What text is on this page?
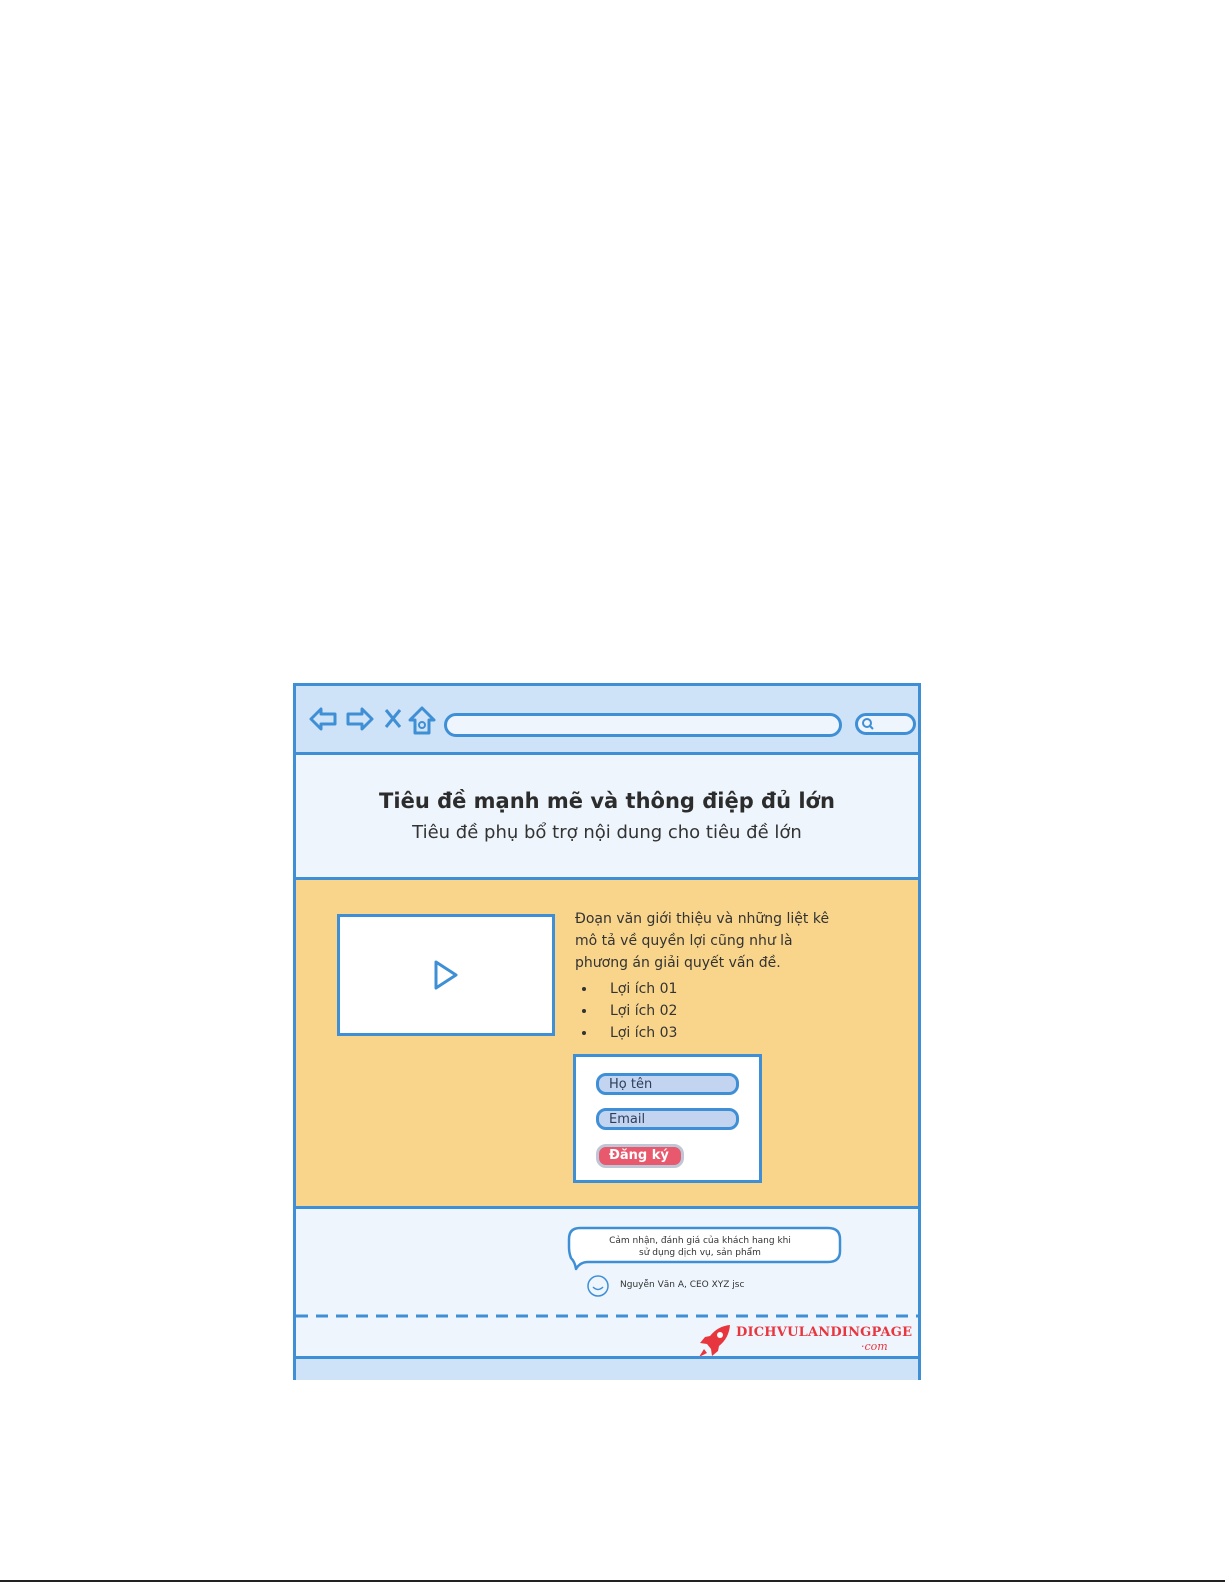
Tiêu đề mạnh mẽ và thông điệp đủ lớn
Tiêu đề phụ bổ trợ nội dung cho tiêu đề lớn
Đoạn văn giới thiệu và những liệt kê
mô tả về quyền lợi cũng như là
phương án giải quyết vấn đề.
Lợi ích 01
Lợi ích 02
Lợi ích 03
Họ tên
Email
Đăng ký
Cảm nhận, đánh giá của khách hang khi
sử dụng dịch vụ, sản phẩm
Nguyễn Văn A, CEO XYZ jsc
DICHVULANDINGPAGE
·com
